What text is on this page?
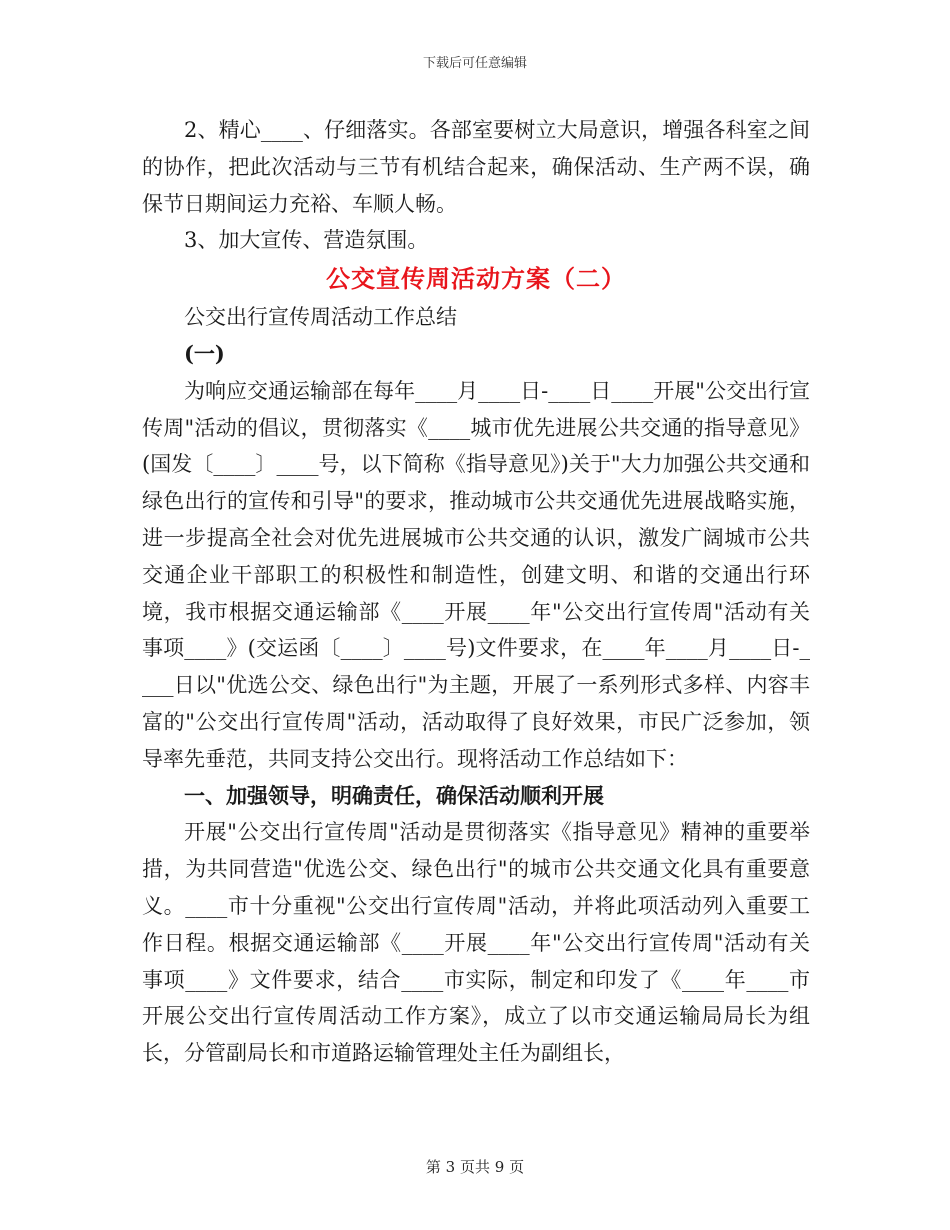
下载后可任意编辑

2、精心____、仔细落实。各部室要树立大局意识，增强各科室之间的协作，把此次活动与三节有机结合起来，确保活动、生产两不误，确保节日期间运力充裕、车顺人畅。

3、加大宣传、营造氛围。

公交宣传周活动方案（二）

公交出行宣传周活动工作总结

(一)

为响应交通运输部在每年____月____日-____日____开展"公交出行宣传周"活动的倡议，贯彻落实《____城市优先进展公共交通的指导意见》(国发〔____〕____号，以下简称《指导意见》)关于"大力加强公共交通和绿色出行的宣传和引导"的要求，推动城市公共交通优先进展战略实施，进一步提高全社会对优先进展城市公共交通的认识，激发广阔城市公共交通企业干部职工的积极性和制造性，创建文明、和谐的交通出行环境，我市根据交通运输部《____开展____年"公交出行宣传周"活动有关事项____》(交运函〔____〕____号)文件要求，在____年____月____日-____日以"优选公交、绿色出行"为主题，开展了一系列形式多样、内容丰富的"公交出行宣传周"活动，活动取得了良好效果，市民广泛参加，领导率先垂范，共同支持公交出行。现将活动工作总结如下：

一、加强领导，明确责任，确保活动顺利开展

开展"公交出行宣传周"活动是贯彻落实《指导意见》精神的重要举措，为共同营造"优选公交、绿色出行"的城市公共交通文化具有重要意义。____市十分重视"公交出行宣传周"活动，并将此项活动列入重要工作日程。根据交通运输部《____开展____年"公交出行宣传周"活动有关事项____》文件要求，结合____市实际，制定和印发了《____年____市开展公交出行宣传周活动工作方案》，成立了以市交通运输局局长为组长，分管副局长和市道路运输管理处主任为副组长，

第 3 页共 9 页
